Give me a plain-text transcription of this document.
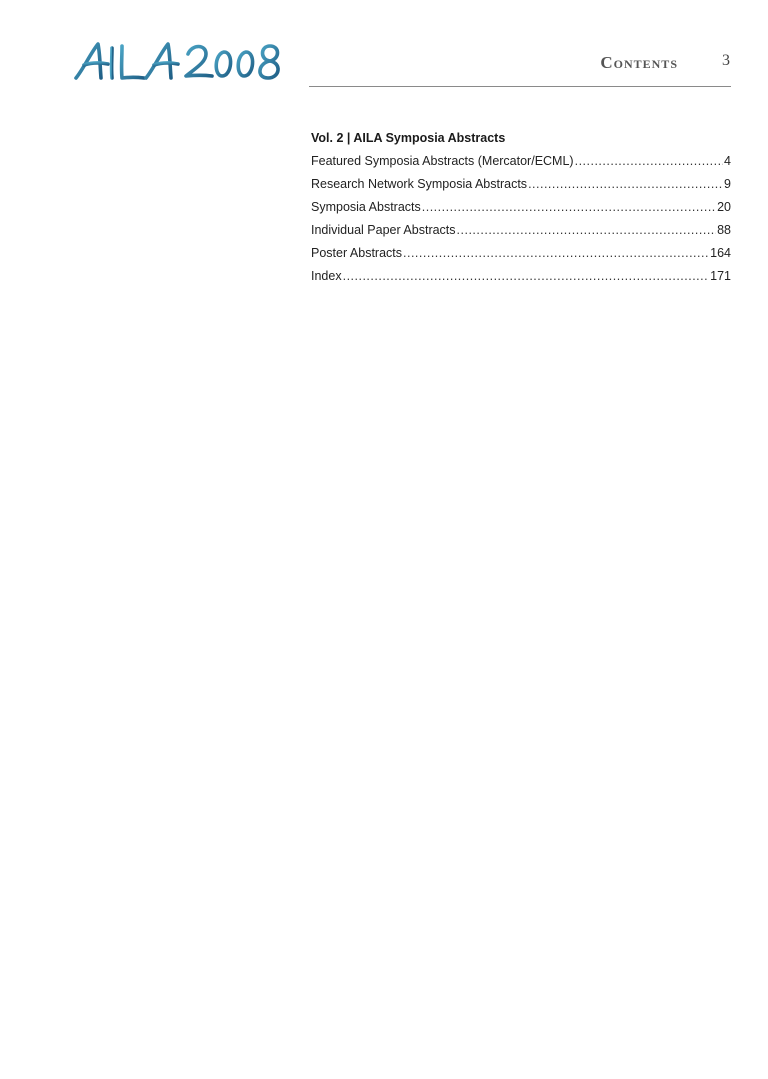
AILA 2008
Contents	3
Vol. 2 | AILA Symposia Abstracts
Featured Symposia Abstracts (Mercator/ECML) .....	4
Research Network Symposia Abstracts .....	9
Symposia Abstracts .....	20
Individual Paper Abstracts .....	88
Poster Abstracts .....	164
Index .....	171
